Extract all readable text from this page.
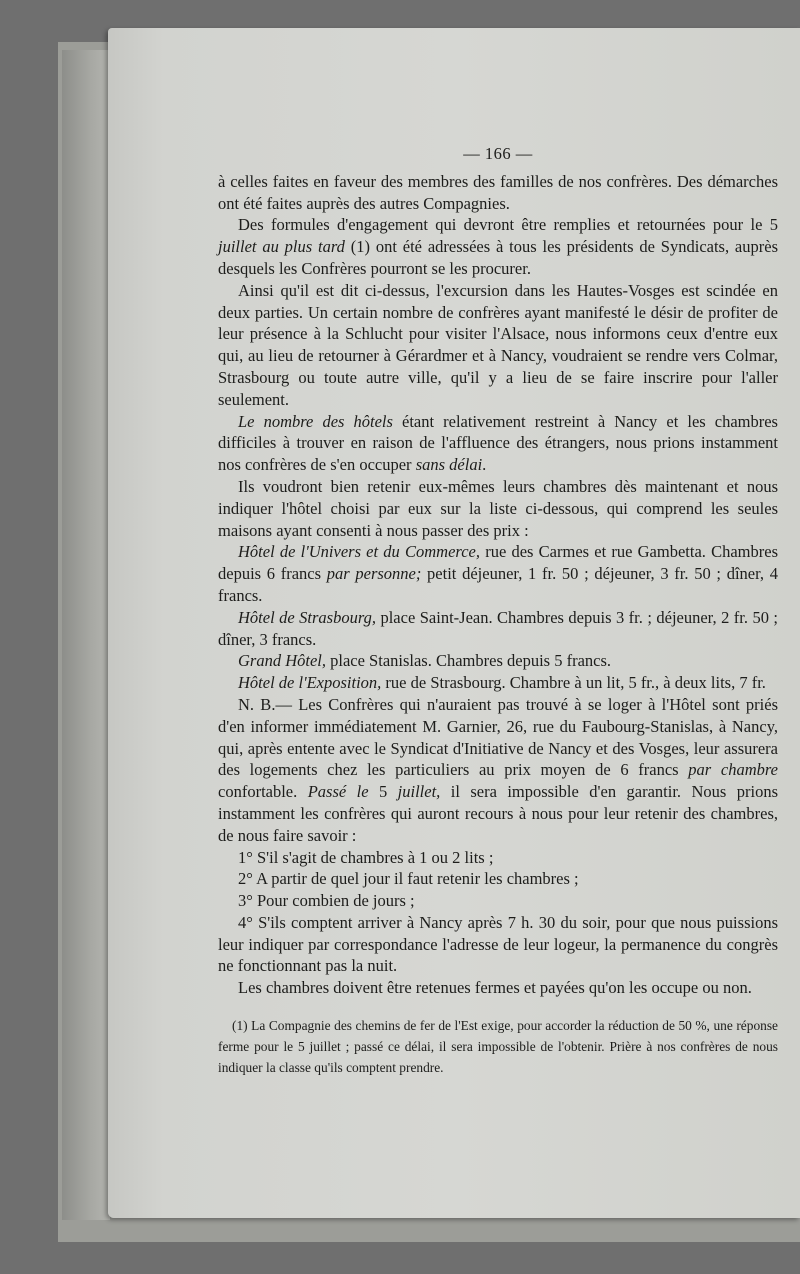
— 166 —

à celles faites en faveur des membres des familles de nos confrères. Des démarches ont été faites auprès des autres Compagnies.

Des formules d'engagement qui devront être remplies et retournées pour le 5 juillet au plus tard (1) ont été adressées à tous les présidents de Syndicats, auprès desquels les Confrères pourront se les procurer.

Ainsi qu'il est dit ci-dessus, l'excursion dans les Hautes-Vosges est scindée en deux parties. Un certain nombre de confrères ayant manifesté le désir de profiter de leur présence à la Schlucht pour visiter l'Alsace, nous informons ceux d'entre eux qui, au lieu de retourner à Gérardmer et à Nancy, voudraient se rendre vers Colmar, Strasbourg ou toute autre ville, qu'il y a lieu de se faire inscrire pour l'aller seulement.

Le nombre des hôtels étant relativement restreint à Nancy et les chambres difficiles à trouver en raison de l'affluence des étrangers, nous prions instamment nos confrères de s'en occuper sans délai.

Ils voudront bien retenir eux-mêmes leurs chambres dès maintenant et nous indiquer l'hôtel choisi par eux sur la liste ci-dessous, qui comprend les seules maisons ayant consenti à nous passer des prix :

Hôtel de l'Univers et du Commerce, rue des Carmes et rue Gambetta. Chambres depuis 6 francs par personne; petit déjeuner, 1 fr. 50 ; déjeuner, 3 fr. 50 ; dîner, 4 francs.

Hôtel de Strasbourg, place Saint-Jean. Chambres depuis 3 fr. ; déjeuner, 2 fr. 50 ; dîner, 3 francs.

Grand Hôtel, place Stanislas. Chambres depuis 5 francs.

Hôtel de l'Exposition, rue de Strasbourg. Chambre à un lit, 5 fr., à deux lits, 7 fr.

N. B.— Les Confrères qui n'auraient pas trouvé à se loger à l'Hôtel sont priés d'en informer immédiatement M. Garnier, 26, rue du Faubourg-Stanislas, à Nancy, qui, après entente avec le Syndicat d'Initiative de Nancy et des Vosges, leur assurera des logements chez les particuliers au prix moyen de 6 francs par chambre confortable. Passé le 5 juillet, il sera impossible d'en garantir. Nous prions instamment les confrères qui auront recours à nous pour leur retenir des chambres, de nous faire savoir :

1° S'il s'agit de chambres à 1 ou 2 lits ;

2° A partir de quel jour il faut retenir les chambres ;

3° Pour combien de jours ;

4° S'ils comptent arriver à Nancy après 7 h. 30 du soir, pour que nous puissions leur indiquer par correspondance l'adresse de leur logeur, la permanence du congrès ne fonctionnant pas la nuit.

Les chambres doivent être retenues fermes et payées qu'on les occupe ou non.

(1) La Compagnie des chemins de fer de l'Est exige, pour accorder la réduction de 50 %, une réponse ferme pour le 5 juillet ; passé ce délai, il sera impossible de l'obtenir. Prière à nos confrères de nous indiquer la classe qu'ils comptent prendre.
